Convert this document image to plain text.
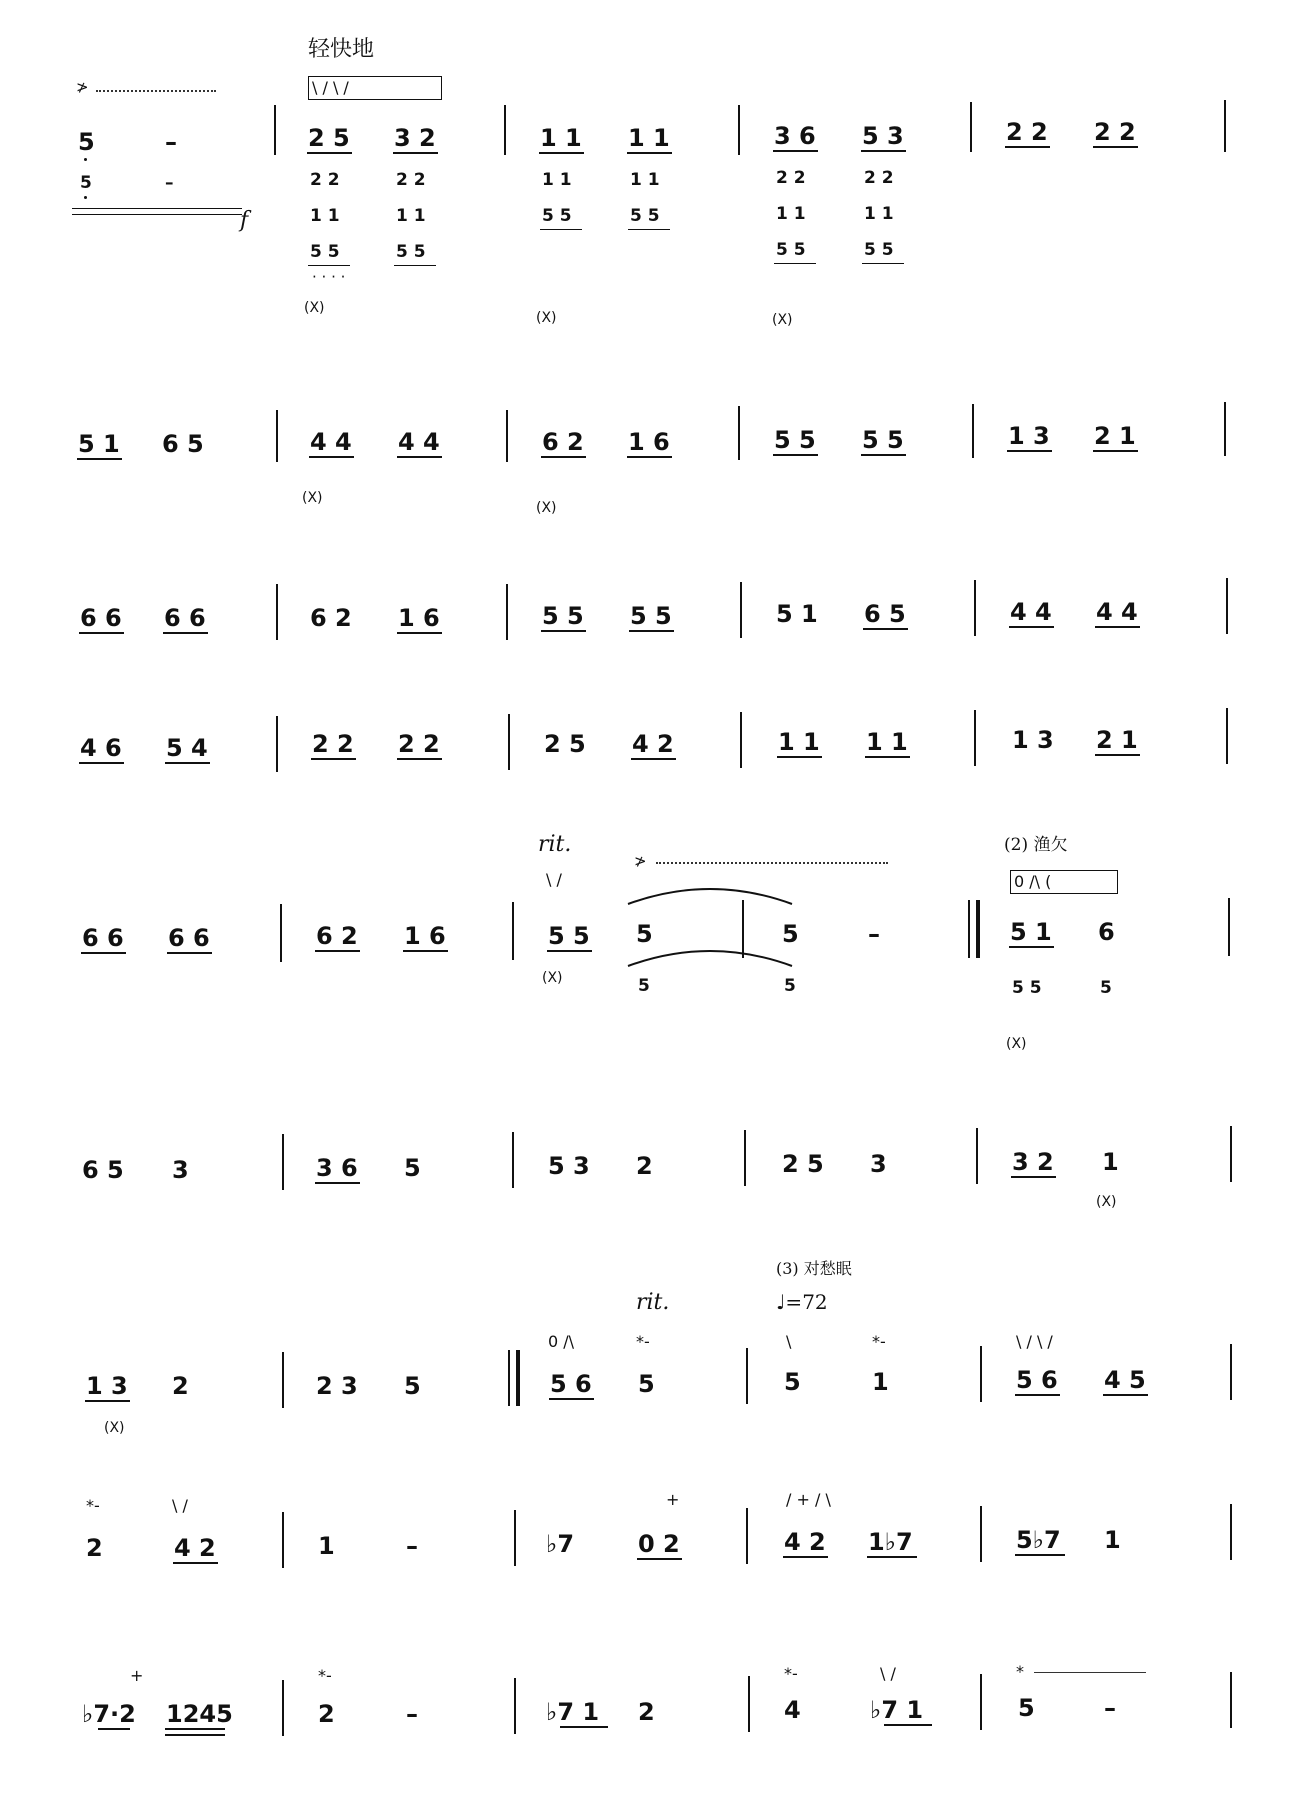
轻快地
\ / \ /
≯
5	–
5	–
f
2 5 3 2
2 2	2 2
1 1	1 1
5 5	5 5
· · · ·
(X)
1 1 1 1
1 1	1 1
5 5	5 5
(X)
3 6 5 3
2 2	2 2
1 1	1 1
5 5	5 5
(X)
2 2 2 2
5 1 6 5	4 4 4 4
(X)
6 2 1 6
(X)
5 5 5 5	1 3 2 1
6 6 6 6	6 2 1 6	5 5 5 5	5 1 6 5	4 4 4 4
4 6 5 4	2 2 2 2	2 5 4 2	1 1 1 1	1 3 2 1
rit.
\ /
≯
(2) 渔欠
0 /\ (
6 6 6 6	6 2 1 6	5 5
(X)
5	5	–
5	5
5 1 6
5 5	5
(X)
6 5 3	3 6 5	5 3 2	2 5 3	3 2 1
(X)
(3) 对愁眠
rit.	♩=72
0 /\	*-	\	*-	\ / \ /
1 3 2
(X)
2 3 5	5 6 5	5	1	5 6 4 5
*-	\ /	+	/ + / \
2	4 2	1	–	♭7	0 2	4 2 1♭7	5♭7 1
+	*-	*-	\ /	*
♭7·2 1245	2	–	♭7 1 2	4	♭7 1	5	–
